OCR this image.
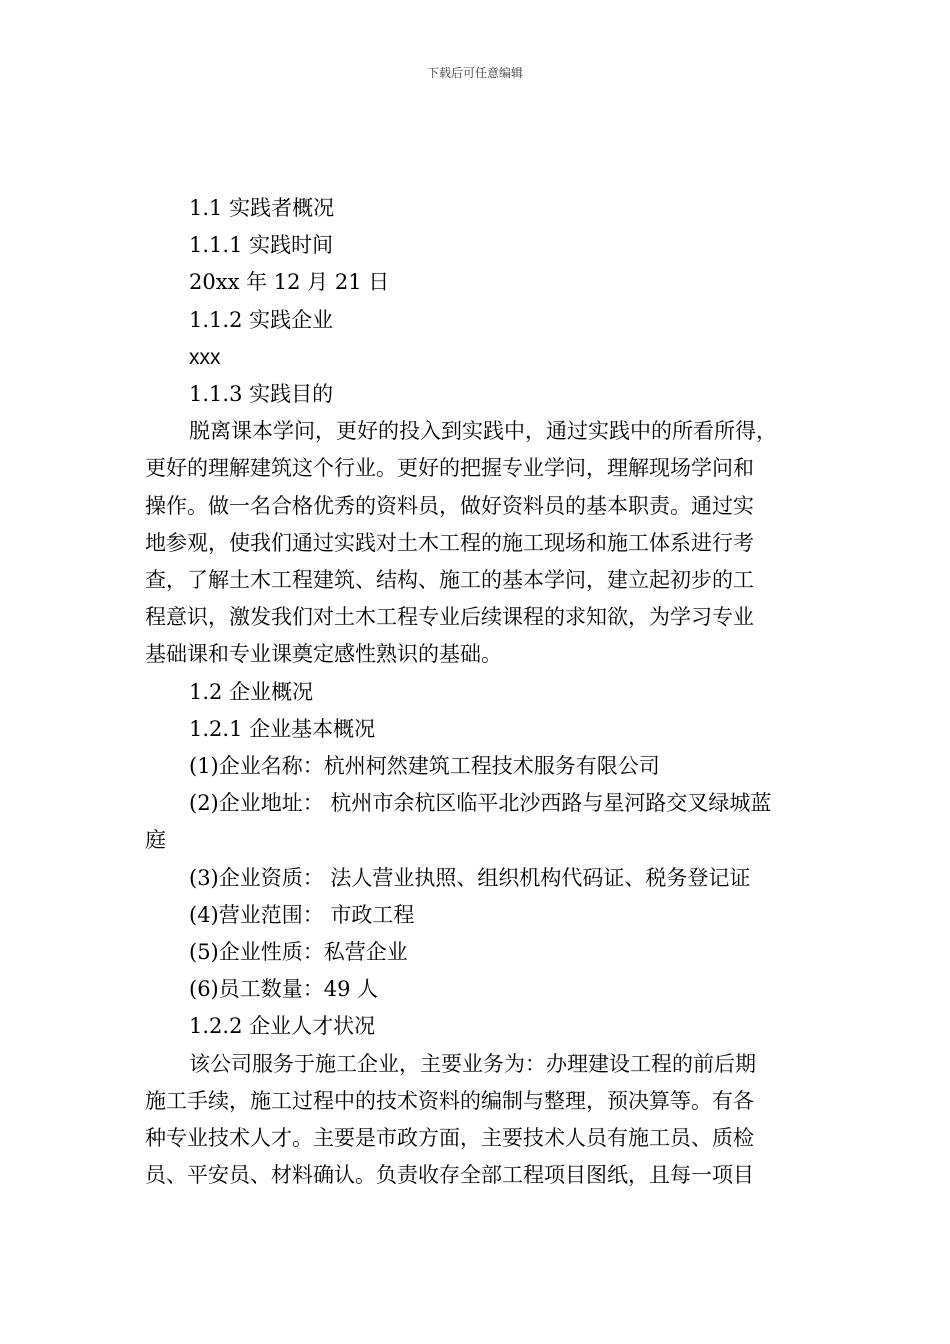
下载后可任意编辑
1.1 实践者概况
1.1.1 实践时间
20xx 年 12 月 21 日
1.1.2 实践企业
xxx
1.1.3 实践目的
脱离课本学问，更好的投入到实践中，通过实践中的所看所得，
更好的理解建筑这个行业。更好的把握专业学问，理解现场学问和
操作。做一名合格优秀的资料员，做好资料员的基本职责。通过实
地参观，使我们通过实践对土木工程的施工现场和施工体系进行考
查，了解土木工程建筑、结构、施工的基本学问，建立起初步的工
程意识，激发我们对土木工程专业后续课程的求知欲，为学习专业
基础课和专业课奠定感性熟识的基础。
1.2 企业概况
1.2.1 企业基本概况
(1)企业名称：杭州柯然建筑工程技术服务有限公司
(2)企业地址： 杭州市余杭区临平北沙西路与星河路交叉绿城蓝
庭
(3)企业资质： 法人营业执照、组织机构代码证、税务登记证
(4)营业范围： 市政工程
(5)企业性质：私营企业
(6)员工数量：49 人
1.2.2 企业人才状况
该公司服务于施工企业，主要业务为：办理建设工程的前后期
施工手续，施工过程中的技术资料的编制与整理，预决算等。有各
种专业技术人才。主要是市政方面，主要技术人员有施工员、质检
员、平安员、材料确认。负责收存全部工程项目图纸，且每一项目
